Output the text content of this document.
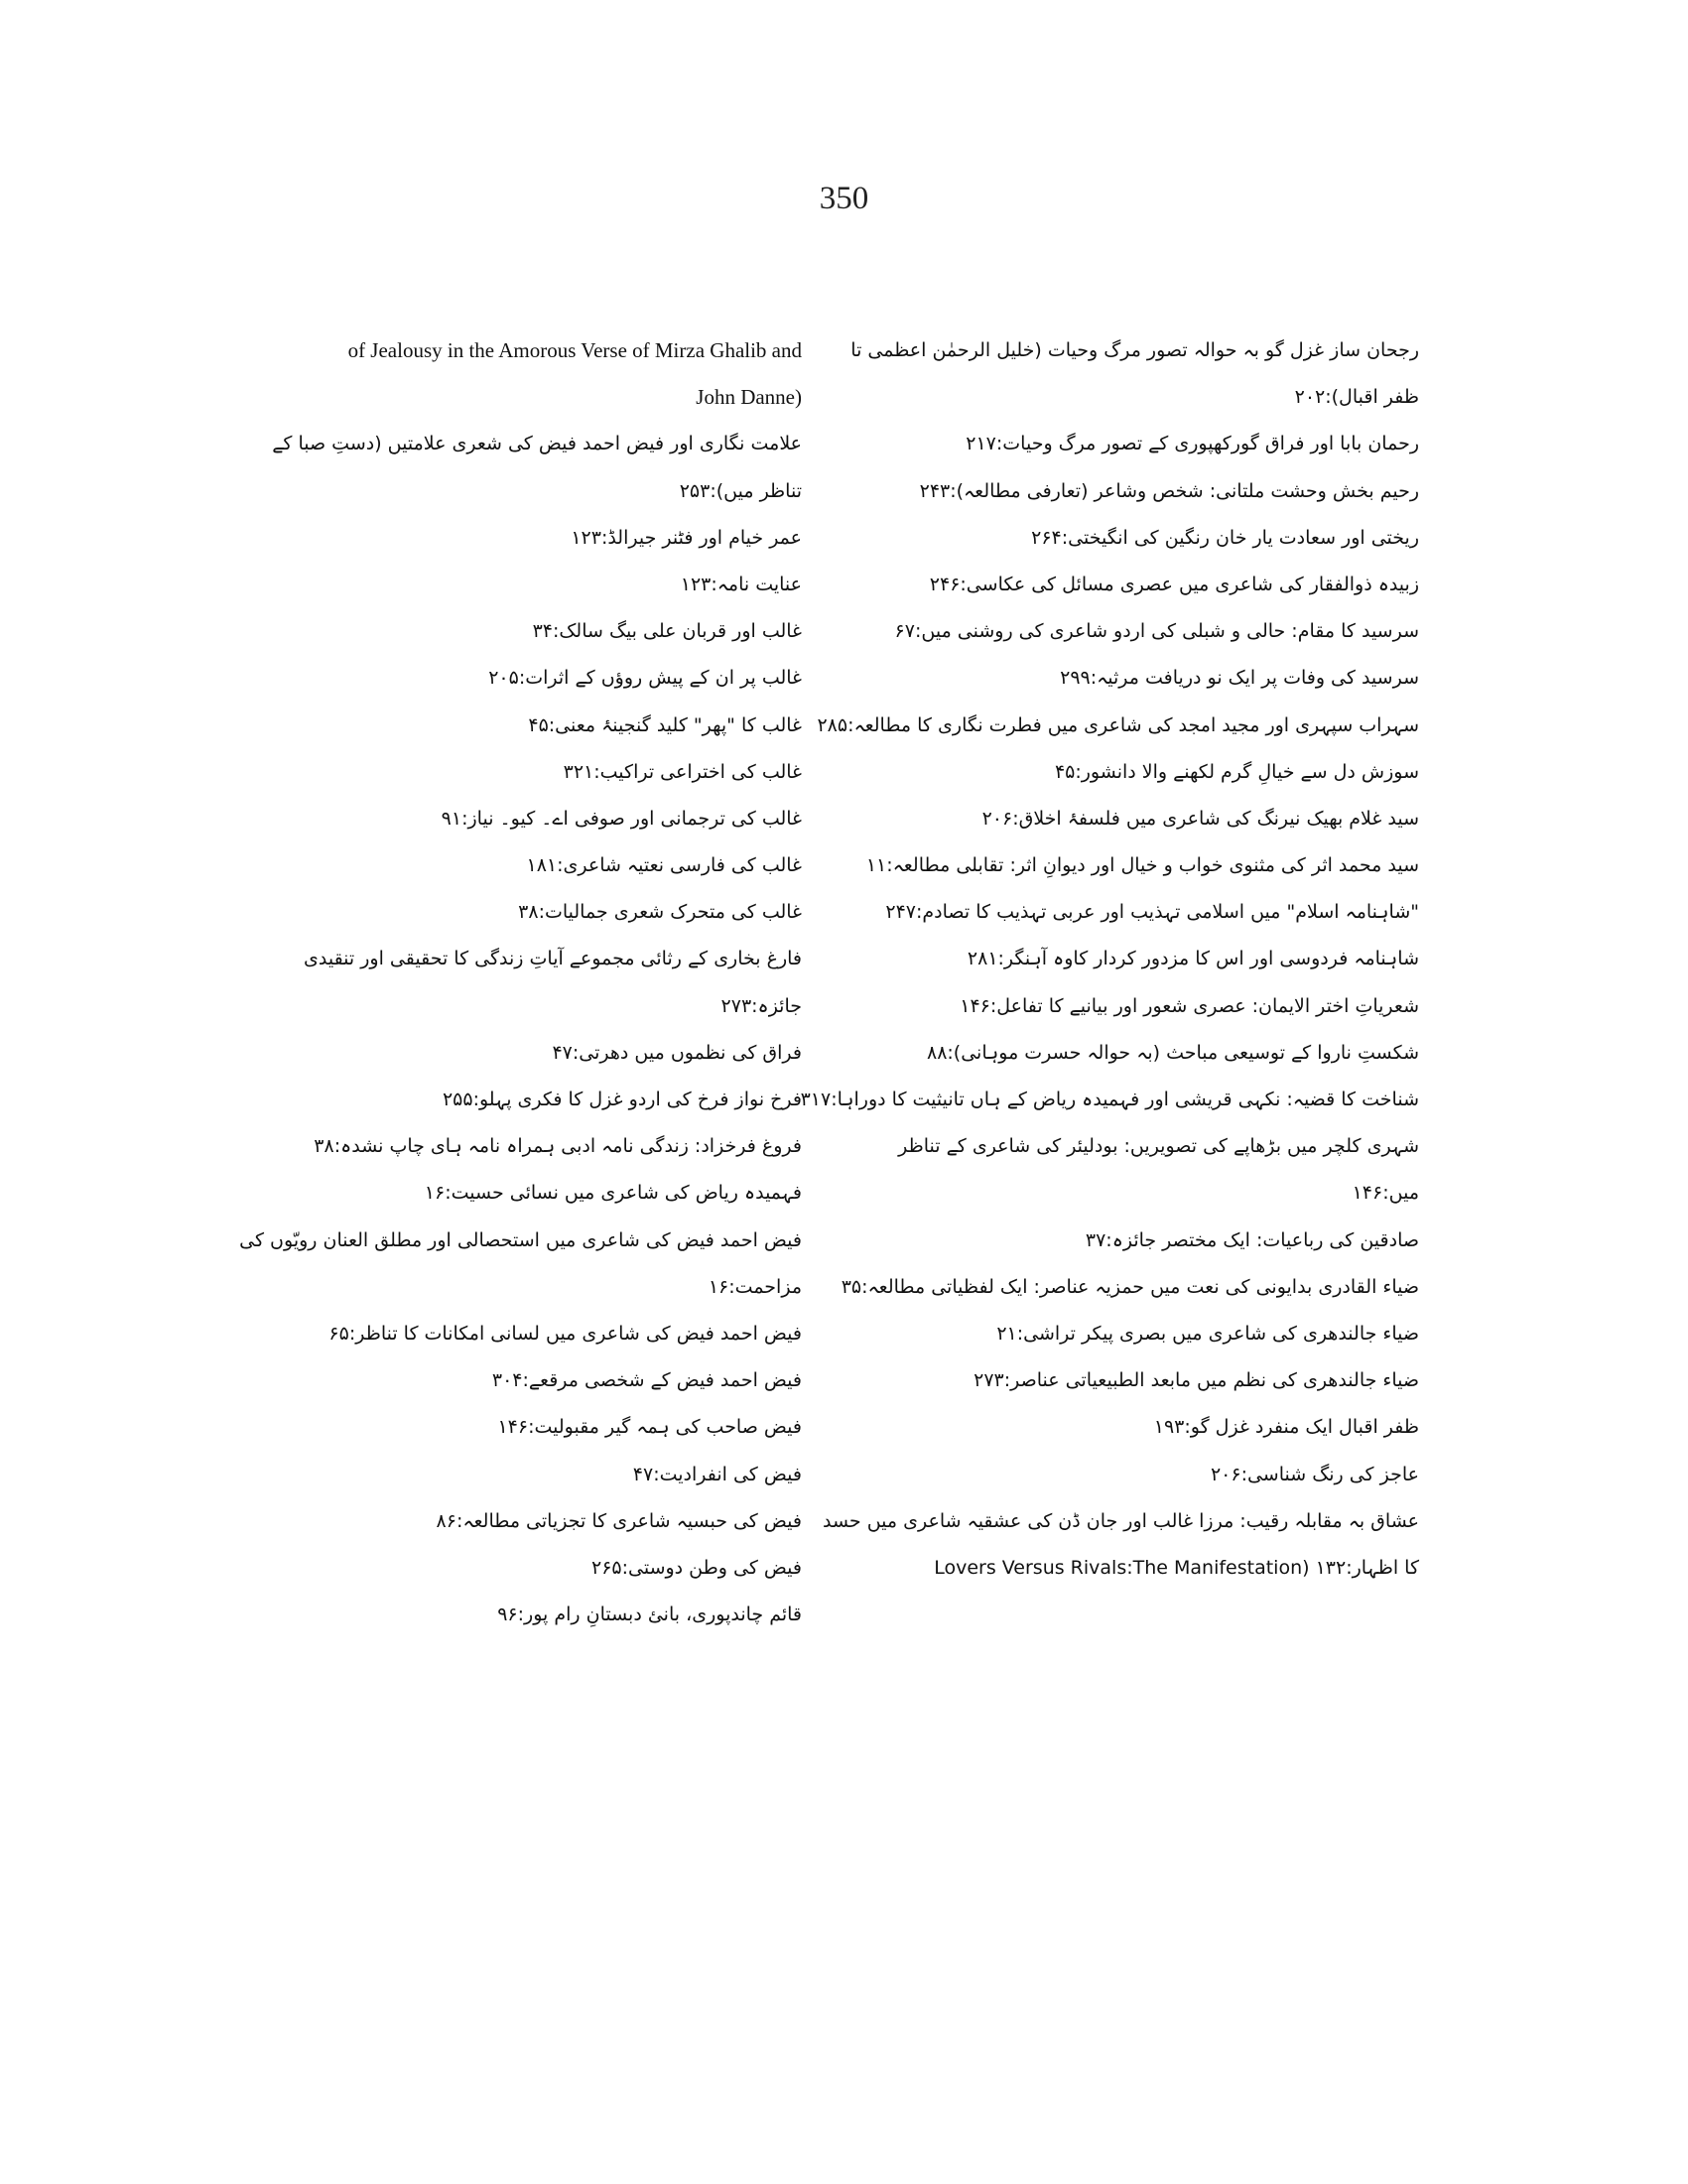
350
رجحان ساز غزل گو بہ حوالہ تصور مرگ وحیات (خلیل الرحمٰن اعظمی تا
ظفر اقبال):۲۰۲
رحمان بابا اور فراق گورکھپوری کے تصور مرگ وحیات:۲۱۷
رحیم بخش وحشت ملتانی: شخص وشاعر (تعارفی مطالعہ):۲۴۳
ریختی اور سعادت یار خان رنگین کی انگیختی:۲۶۴
زبیدہ ذوالفقار کی شاعری میں عصری مسائل کی عکاسی:۲۴۶
سرسید کا مقام: حالی و شبلی کی اردو شاعری کی روشنی میں:۶۷
سرسید کی وفات پر ایک نو دریافت مرثیہ:۲۹۹
سہراب سپہری اور مجید امجد کی شاعری میں فطرت نگاری کا مطالعہ:۲۸۵
سوزش دل سے خیالِ گرم لکھنے والا دانشور:۴۵
سید غلام بھیک نیرنگ کی شاعری میں فلسفۂ اخلاق:۲۰۶
سید محمد اثر کی مثنوی خواب و خیال اور دیوانِ اثر: تقابلی مطالعہ:۱۱
"شاہنامہ اسلام" میں اسلامی تہذیب اور عربی تہذیب کا تصادم:۲۴۷
شاہنامہ فردوسی اور اس کا مزدور کردار کاوہ آہنگر:۲۸۱
شعریاتِ اختر الایمان: عصری شعور اور بیانیے کا تفاعل:۱۴۶
شکستِ ناروا کے توسیعی مباحث (بہ حوالہ حسرت موہانی):۸۸
شناخت کا قضیہ: نکہی قریشی اور فہمیدہ ریاض کے ہاں تانیثیت کا دوراہا:۳۱۷
شہری کلچر میں بڑھاپے کی تصویریں: بودلیئر کی شاعری کے تناظر
میں:۱۴۶
صادقین کی رباعیات: ایک مختصر جائزہ:۳۷
ضیاء القادری بدایونی کی نعت میں حمزیہ عناصر: ایک لفظیاتی مطالعہ:۳۵
ضیاء جالندھری کی شاعری میں بصری پیکر تراشی:۲۱
ضیاء جالندھری کی نظم میں مابعد الطبیعیاتی عناصر:۲۷۳
ظفر اقبال ایک منفرد غزل گو:۱۹۳
عاجز کی رنگ شناسی:۲۰۶
عشاق بہ مقابلہ رقیب: مرزا غالب اور جان ڈن کی عشقیہ شاعری میں حسد
کا اظہار:۱۳۲ (Lovers Versus Rivals:The Manifestation
of Jealousy in the Amorous Verse of Mirza Ghalib and
(John Danne
علامت نگاری اور فیض احمد فیض کی شعری علامتیں (دستِ صبا کے
تناظر میں):۲۵۳
عمر خیام اور فٹنر جیرالڈ:۱۲۳
عنایت نامہ:۱۲۳
غالب اور قربان علی بیگ سالک:۳۴
غالب پر ان کے پیش روؤں کے اثرات:۲۰۵
غالب کا "پھر" کلید گنجینۂ معنی:۴۵
غالب کی اختراعی تراکیب:۳۲۱
غالب کی ترجمانی اور صوفی اے۔ کیو۔ نیاز:۹۱
غالب کی فارسی نعتیہ شاعری:۱۸۱
غالب کی متحرک شعری جمالیات:۳۸
فارغ بخاری کے رثائی مجموعے آیاتِ زندگی کا تحقیقی اور تنقیدی
جائزہ:۲۷۳
فراق کی نظموں میں دھرتی:۴۷
فرخ نواز فرخ کی اردو غزل کا فکری پہلو:۲۵۵
فروغ فرخزاد: زندگی نامہ ادبی ہمراہ نامہ ہای چاپ نشدہ:۳۸
فہمیدہ ریاض کی شاعری میں نسائی حسیت:۱۶
فیض احمد فیض کی شاعری میں استحصالی اور مطلق العنان رویّوں کی
مزاحمت:۱۶
فیض احمد فیض کی شاعری میں لسانی امکانات کا تناظر:۶۵
فیض احمد فیض کے شخصی مرقعے:۳۰۴
فیض صاحب کی ہمہ گیر مقبولیت:۱۴۶
فیض کی انفرادیت:۴۷
فیض کی حبسیہ شاعری کا تجزیاتی مطالعہ:۸۶
فیض کی وطن دوستی:۲۶۵
قائم چاندپوری، بانئ دبستانِ رام پور:۹۶
